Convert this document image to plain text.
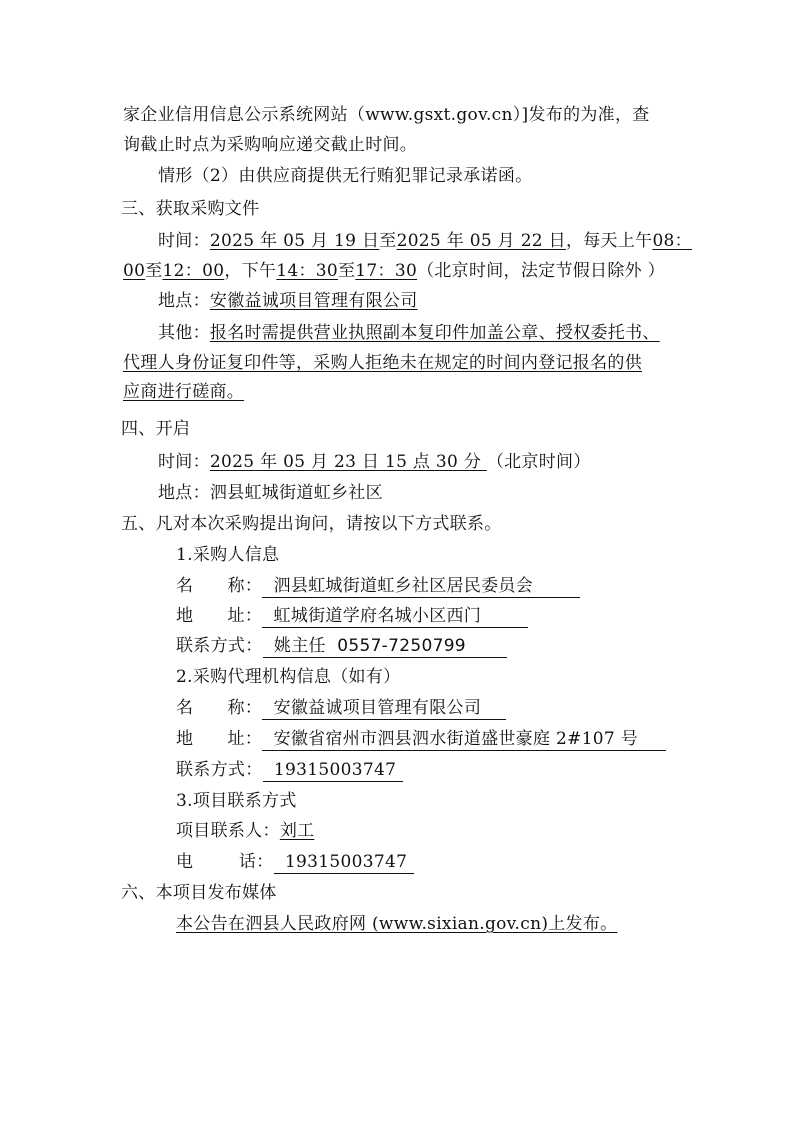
家企业信用信息公示系统网站（www.gsxt.gov.cn）]发布的为准，查
询截止时点为采购响应递交截止时间。
情形（2）由供应商提供无行贿犯罪记录承诺函。
三、获取采购文件
时间：2025 年 05 月 19 日至2025 年 05 月 22 日，每天上午08：
00至12：00，下午14：30至17：30（北京时间，法定节假日除外 ）
地点：安徽益诚项目管理有限公司
其他：报名时需提供营业执照副本复印件加盖公章、授权委托书、
代理人身份证复印件等，采购人拒绝未在规定的时间内登记报名的供
应商进行磋商。
四、开启
时间：2025 年 05 月 23 日 15 点 30 分 （北京时间）
地点：泗县虹城街道虹乡社区
五、凡对本次采购提出询问，请按以下方式联系。
1.采购人信息
名      称：  泗县虹城街道虹乡社区居民委员会
地      址：  虹城街道学府名城小区西门
联系方式：  姚主任  0557-7250799
2.采购代理机构信息（如有）
名      称：  安徽益诚项目管理有限公司
地      址：  安徽省宿州市泗县泗水街道盛世豪庭 2#107 号
联系方式：  19315003747
3.项目联系方式
项目联系人：刘工
电        话：  19315003747
六、本项目发布媒体
本公告在泗县人民政府网 (www.sixian.gov.cn)上发布。
